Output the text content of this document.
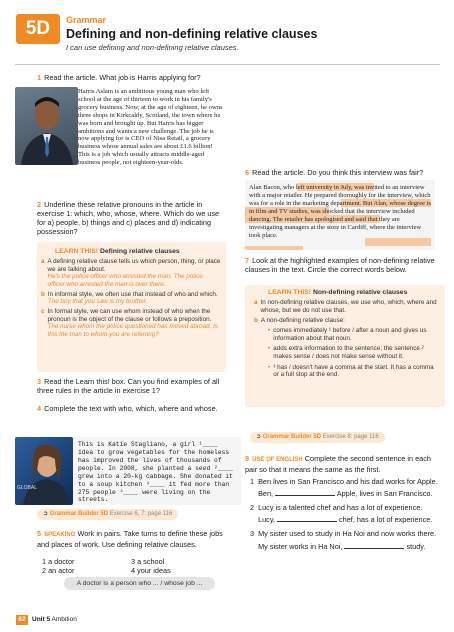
5D	Grammar
Defining and non-defining relative clauses
I can use defining and non-defining relative clauses.
1 Read the article. What job is Harris applying for?
Harris Aslam is an ambitious young man who left school at the age of thirteen to work in his family's grocery business. Now, at the age of eighteen, he owns three shops in Kirkcaldy, Scotland, the town where he was born and brought up. But Harris has bigger ambitions and wants a new challenge. The job he is now applying for is CEO of Nisa Retail, a grocery business whose annual sales are about £1.6 billion! This is a job which usually attracts middle-aged business people, not eighteen-year-olds.
2 Underline these relative pronouns in the article in exercise 1: which, who, whose, where. Which do we use for a) people, b) things and c) places and d) indicating possession?
LEARN THIS! Defining relative clauses
a A defining relative clause tells us which person, thing, or place we are talking about.
He's the police officer who arrested the man. The police officer who arrested the man is over there.
b In informal style, we often use that instead of who and which.
The boy that you saw is my brother.
c In formal style, we can use whom instead of who when the pronoun is the object of the clause or follows a preposition.
The nurse whom the police questioned has moved abroad. Is this the man to whom you are referring?
3 Read the Learn this! box. Can you find examples of all three rules in the article in exercise 1?
4 Complete the text with who, which, where and whose.
GLOBAL
This is Katie Stagliano, a girl ¹____ idea to grow vegetables for the homeless has improved the lives of thousands of people. In 2008, she planted a seed ²____ grew into a 20-kg cabbage. She donated it to a soup kitchen ³____ it fed more than 275 people ⁴____ were living on the streets.
➲ Grammar Builder 5D Exercise 6, 7: page 116
5 SPEAKING Work in pairs. Take turns to define these jobs and places of work. Use defining relative clauses.
1 a doctor
2 an actor
3 a school
4 your ideas
A doctor is a person who ... / whose job ...
6 Read the article. Do you think this interview was fair?
Alan Bacon, who left university in July, was invited to an interview with a major retailer. He prepared thoroughly for the interview, which was for a role in the marketing department. But Alan, whose degree is in film and TV studies, was shocked that the interview included dancing. The retailer has apologised and said that they are investigating managers at the store in Cardiff, where the interview took place.
7 Look at the highlighted examples of non-defining relative clauses in the text. Circle the correct words below.
LEARN THIS! Non-defining relative clauses
a In non-defining relative clauses, we use who, which, where and whose, but we do not use that.
b A non-defining relative clause:
• comes immediately ¹ before / after a noun and gives us information about that noun.
• adds extra information to the sentence; the sentence ² makes sense / does not make sense without it.
• ³ has / doesn't have a comma at the start. It has a comma or a full stop at the end.
➲ Grammar Builder 5D Exercise 8: page 116
8 USE OF ENGLISH Complete the second sentence in each pair so that it means the same as the first.
1 Ben lives in San Francisco and his dad works for Apple.
Ben,	Apple, lives in San Francisco.
2 Lucy is a talented chef and has a lot of experience.
Lucy,	chef, has a lot of experience.
3 My sister used to study in Ha Noi and now works there.
My sister works in Ha Noi,	study.
62 Unit 5 Ambition
